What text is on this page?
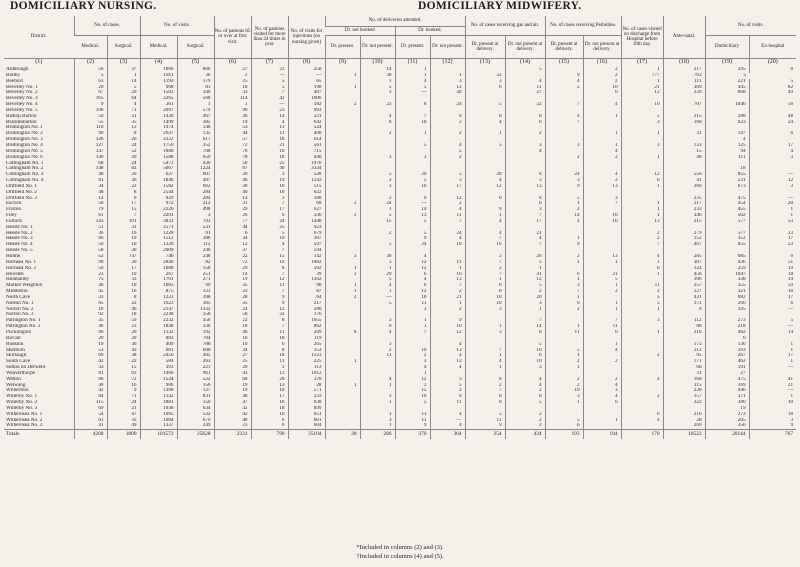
DOMICILIARY NURSING.	DOMICILIARY MIDWIFERY.
District.	No. of cases.		No. of visits.		No. of patients 65 or over at first visit.	No. of patients visited for more than 24 times in year.	No. of visits for injections (no nursing given)	No. of deliveries attended.				No. of cases receiving gas and air.		No. of cases receiving Pethidine.		No. of cases visited on discharge from Hospital before 10th day.	Ante-natal.	No. of visits.	
								Dr. not booked		Dr. booked.									
	Medical.	Surgical.	Medical.	Surgical.				Dr. present.	Dr. not present.	Dr. present.	Dr. not present.	Dr. present at delivery.	Dr. not present at delivery.	Dr. present at delivery.	Dr. not present at delivery.			Domiciliary	Ex-hospital
(1)	(2)	(3)	(4)	(5)	(6)	(7)	(8)	(9)	(10)	(11)	(12)	(13)	(14)	(15)	(16)	(17)	(18)	(19)	(20)
Aldbrough	56	37	1866	866	27	23	258		14	1			5		2	1	217	295	8
Barlby	5	1	1011	36	2	—	—	1	38	1	1	32		9	2	777	763	5	
Beeford	63	14	1193	179	25	5	65		1	4	3	3	4	4	2	1	111	221	5
Beverley No. 1	29	5	968	81	18	5	198	1	5	5	12	6	11	5	10	21	309	445	82
Beverley No. 2	67	29	1503	340	33	7	407		3	—	30		27		6	12	239	668	49
Beverley No. 3	165	64	2265	568	114	42	1006												
Beverley No. 4	9	4	361	1	1	—	182	2	23	8	24	5	32	7	4	10	707	1046	56
Beverley No. 5	196	71	2097	579	96	23	993												
Bishop Burton	59	31	1430	467	36	14	331		4	7	8	6	6	4	1	5	215	288	48
Brandesburton	55	35	1499	385	19	4	642		8	18	2	4	6	7		3	168	623	24
Bridlington No. 1	110	13	1974	148	53	13	524												
Bridlington No. 2	90	8	2637	135	44	11	408		2	1	2	1	2		1	1	31	147	6
Bridlington No. 3	126	26	2222	617	57	18	614											4	
Bridlington No. 4	127	24	1759	352	72	21	561			5	4	5	3	3	1	3	133	125	17
Bridlington No. 5	147	52	1880	708	78	18	715				5		4		4		15	94	4
Bridlington No. 6	140	20	1588	659	78	18	440		3	3	2			2	2	1	48	111	3
Cottingham No. 1	68	24	5471	430	50	25	1970												
Cottingham No. 2	148	82	5067	1324	87	40	3334											18	
Cottingham No. 3	48	20	627	607	20	3	528		5	29	5	28	8	24	4	12	556	855	—
Cottingham No. 4	81	36	1846	487	46	19	1143		2	5	3	4	3	3	2	6	41	231	12
Driffield No. 1	34	22	1582	662	28	10	515		3	16	17	12	13	9	13	1	266	673	3
Driffield No. 2	48	8	2544	284	40	10	622												
Driffield No. 3	14	6	929	284	13	3	180		2	9	12	6	8	5	3		235	475	—
Escrick	58	17	972	212	31	7	68	2	24	—	2		6	1	7	1	217	454	20
Flixton	79	15	2226	498	29	17	627		1	14	4	9	3	2		1	233	455	1
Filey	61	7	2201	3	26	6	336	2	5	13	11	1	7	14	10	1	346	502	1
Fulford	143	101	3831	703	77	24	1448		15	5	7	4	17	4	16	13	215	577	53
Hessle No. 1	51	31	2571	531	44	25	923												
Hessle No. 2	36	16	1220	91	6	5	679		2	5	24	4	21			2	279	577	23
Hessle No. 3	66	19	1512	386	34	10	387			9	4	7	4	1		2	152	352	17
Hessle No. 4	50	10	1220	112	12	4	597		5	24	10	16	7	9		7	467	655	23
Hessle No. 5	58	30	2009	246	37	7	594												
Holme	52	747	746	248	22	15	142	3	30	4		2	26	2	13	4	285	685	6
Hornsea No. 1	99	20	2846	82	72	16	1082		3	12	11	7	5	1	1	1	307	436	51
Hornsea No. 2	56	17	1088	158	29	8	592	1	1	12	1	2	1			6	124	259	19
Howden	23	10	267	251	14	7	39	2	29	6	16	7	41	6	21	1	458	1047	18
Hunmanby	75	33	1701	271	19	12	1302		5	4	13	1	12	1	5		106	338	19
Market Weighton	46	10	1005	99	35	11	98	1	4	6	7	6	5	3	1	11	257	355	59
Middleton	45	16	875	121	23	7	87	1	1	12	2	8	2	7	2	2	127	321	16
North Cave	33	8	1223	398	28	9	64	2	—	10	21	10	20	1		5	431	682	17
Norton No. 1	65	22	1623	365	35	9	217		5	11	1	10	3	9	1	5	171	266	6
Norton No. 2	18	46	2147	1332	24	12	280			3	2	3	1	2	1	1	8	105	—
Norton No. 3	92	18	2248	158	58	22	176												
Patrington No. 1	35	59	2232	356	22	8	1055		3	1	9		7		7	3	112	273	5
Patrington No. 2	46	23	1848	336	18	7	862		6	1	10	1	14	1	11		88	218	—
Pocklington	96	20	1132	192	46	11	209	8	4	7	12	3	6	11	6	1	216	482	14
Riccall	29	20	883	704	18	18	119											6	
Rudston	19	36	409	788	10	6	265		3		4		5		1		173	136	1
Sherburn	53	43	601	600	34	8	153		2	10	13	7	10	5	4		212	393	1
Skirlaugh	69	38	2456	485	27	18	1123		11	2	4	1	6	1		2	95	267	17
South Cave	42	22	584	263	25	11	225	1		3	12	4	10	2	2		171	462	1
Sutton on Derwent	33	15	393	221	20	3	113			4	4	1	3	1			68	191	—
Weaverthorpe	81	83	1466	961	43	13	1012			1							11	27	
Welton	86	72	1524	522	68	20	378		4	12	3	8	4	2	2	4	168	475	41
Wetwang	38	16	906	156	19	13	28	1	1	3	5	2	4	2	4		115	169	21
Wilberfoss	42	9	1398	127	19	10	571			15	2	7	2	10	3		228	446	—
Willerby No. 1	84	71	1142	831	48	17	233		3	10	8	6	6	3	4	2	157	371	1
Willerby No. 2	115	24	1881	150	47	16	638		1	5	11	8	5	1	6		222	380	10
Willerby No. 3	69	21	1938	634	32	18	899											19	
Withernsea No. 1	54	47	1095	522	42	16	651		1	11	4	5	2			6	216	273	18
Withernsea No. 2	61	33	1084	679	48	6	661		3	11	—	11	2	5	1	4	28	205	3
Withernsea No. 3	41	49	1337	249	23	6	604		1	9	4	9	2	6			269	356	9
Totals	4200	1809	101572	25628	2331	790	35104	28	286	370	364	254	434	193	194	170	10522	20144	767
*Included in columns (2) and (3).
†Included in columns (4) and (5).
